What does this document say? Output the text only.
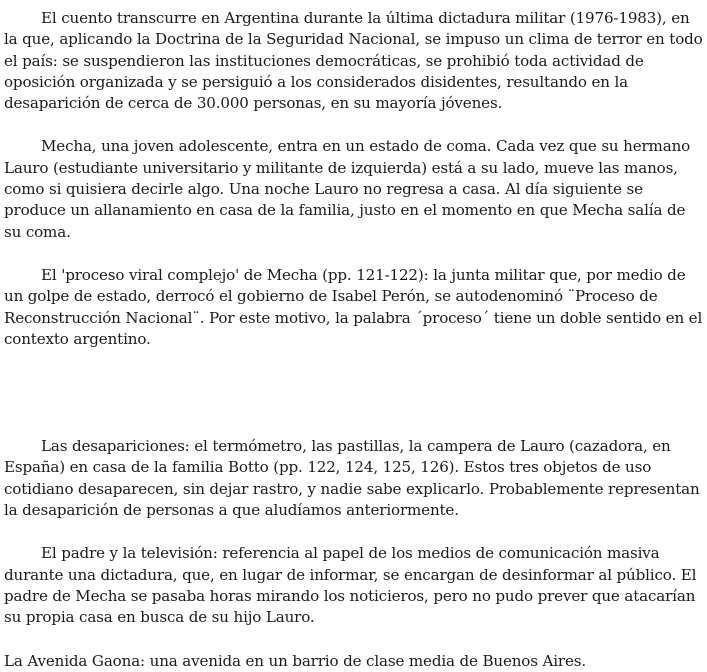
El cuento transcurre en Argentina durante la última dictadura militar (1976-1983), en la que, aplicando la Doctrina de la Seguridad Nacional, se impuso un clima de terror en todo el país: se suspendieron las instituciones democráticas, se prohibió toda actividad de oposición organizada y se persiguió a los considerados disidentes, resultando en la desaparición de cerca de 30.000 personas, en su mayoría jóvenes.

Mecha, una joven adolescente, entra en un estado de coma. Cada vez que su hermano Lauro (estudiante universitario y militante de izquierda) está a su lado, mueve las manos, como si quisiera decirle algo. Una noche Lauro no regresa a casa. Al día siguiente se produce un allanamiento en casa de la familia, justo en el momento en que Mecha salía de su coma.

El 'proceso viral complejo' de Mecha (pp. 121-122): la junta militar que, por medio de un golpe de estado, derrocó el gobierno de Isabel Perón, se autodenominó ¨Proceso de Reconstrucción Nacional¨. Por este motivo, la palabra ´proceso´ tiene un doble sentido en el contexto argentino.

Las desapariciones: el termómetro, las pastillas, la campera de Lauro (cazadora, en España) en casa de la familia Botto (pp. 122, 124, 125, 126). Estos tres objetos de uso cotidiano desaparecen, sin dejar rastro, y nadie sabe explicarlo. Probablemente representan la desaparición de personas a que aludíamos anteriormente.

El padre y la televisión: referencia al papel de los medios de comunicación masiva durante una dictadura, que, en lugar de informar, se encargan de desinformar al público. El padre de Mecha se pasaba horas mirando los noticieros, pero no pudo prever que atacarían su propia casa en busca de su hijo Lauro.

La Avenida Gaona: una avenida en un barrio de clase media de Buenos Aires.
